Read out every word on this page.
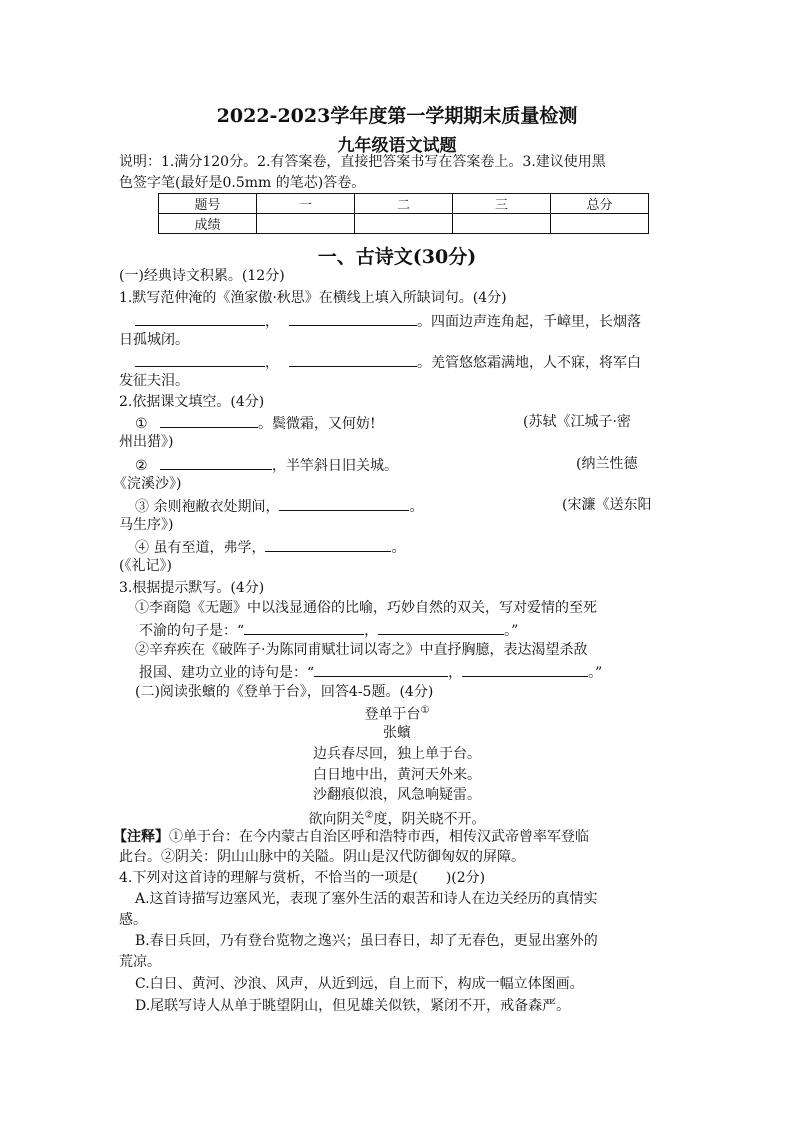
2022-2023学年度第一学期期末质量检测
九年级语文试题
说明：1.满分120分。2.有答案卷，直接把答案书写在答案卷上。3.建议使用黑
色签字笔(最好是0.5mm 的笔芯)答卷。
题号	一	二	三	总分
成绩				
一、古诗文(30分)
(一)经典诗文积累。(12分)
1.默写范仲淹的《渔家傲·秋思》在横线上填入所缺词句。(4分)
，	。四面边声连角起，千嶂里，长烟落
日孤城闭。
，	。羌管悠悠霜满地，人不寐，将军白
发征夫泪。
2.依据课文填空。(4分)
①	。鬓微霜，又何妨!	(苏轼《江城子·密
州出猎》)
②	，半竿斜日旧关城。	(纳兰性德
《浣溪沙》)
③ 余则袍敝衣处期间，	。	(宋濂《送东阳
马生序》)
④ 虽有至道，弗学，	。
(《礼记》)
3.根据提示默写。(4分)
①李商隐《无题》中以浅显通俗的比喻，巧妙自然的双关，写对爱情的至死
不渝的句子是：“	，	。”
②辛弃疾在《破阵子·为陈同甫赋壮词以寄之》中直抒胸臆，表达渴望杀敌
报国、建功立业的诗句是：“	，	。”
(二)阅读张蠙的《登单于台》，回答4-5题。(4分)
登单于台①
张蠙
边兵春尽回，独上单于台。
白日地中出，黄河天外来。
沙翻痕似浪，风急响疑雷。
欲向阴关②度，阴关晓不开。
【注释】①单于台：在今内蒙古自治区呼和浩特市西，相传汉武帝曾率军登临
此台。②阴关：阴山山脉中的关隘。阴山是汉代防御匈奴的屏障。
4.下列对这首诗的理解与赏析，不恰当的一项是(　　)(2分)
A.这首诗描写边塞风光，表现了塞外生活的艰苦和诗人在边关经历的真情实
感。
B.春日兵回，乃有登台览物之逸兴；虽曰春日，却了无春色，更显出塞外的
荒凉。
C.白日、黄河、沙浪、风声，从近到远，自上而下，构成一幅立体图画。
D.尾联写诗人从单于眺望阴山，但见雄关似铁，紧闭不开，戒备森严。
